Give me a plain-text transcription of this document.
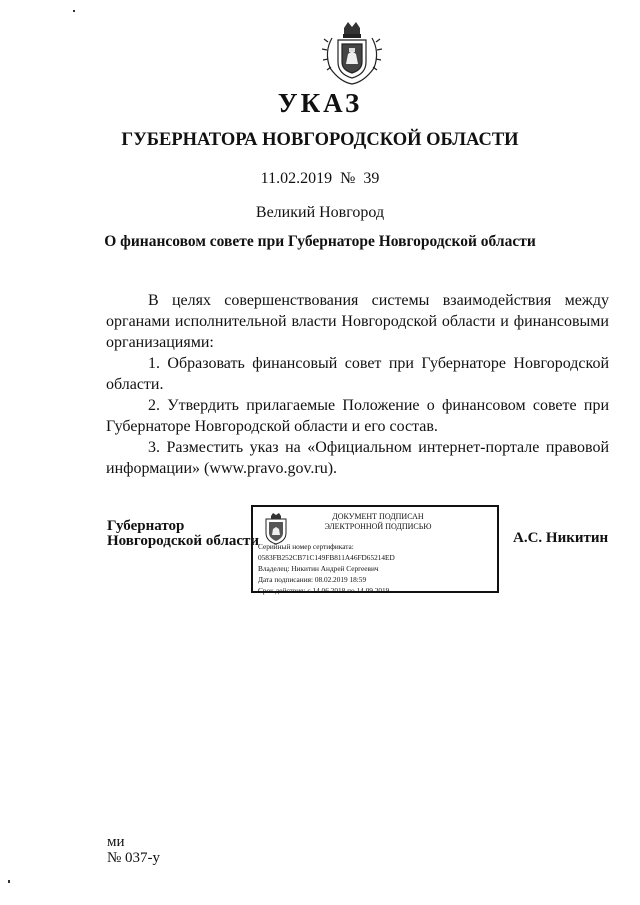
УКАЗ
ГУБЕРНАТОРА НОВГОРОДСКОЙ ОБЛАСТИ
11.02.2019 № 39
Великий Новгород
О финансовом совете при Губернаторе Новгородской области

В целях совершенствования системы взаимодействия между органами исполнительной власти Новгородской области и финансовыми организациями:

1. Образовать финансовый совет при Губернаторе Новгородской области.

2. Утвердить прилагаемые Положение о финансовом совете при Губернаторе Новгородской области и его состав.

3. Разместить указ на «Официальном интернет-портале правовой информации» (www.pravo.gov.ru).

Губернатор
Новгородской области
ДОКУМЕНТ ПОДПИСАН
ЭЛЕКТРОННОЙ ПОДПИСЬЮ
Серийный номер сертификата:
0583FB252CB71C149FB811A46FD65214ED
Владелец: Никитин Андрей Сергеевич
Дата подписания: 08.02.2019 18:59
Срок действия: с 14.06.2018 по 14.09.2019
А.С. Никитин
ми
№ 037-у
